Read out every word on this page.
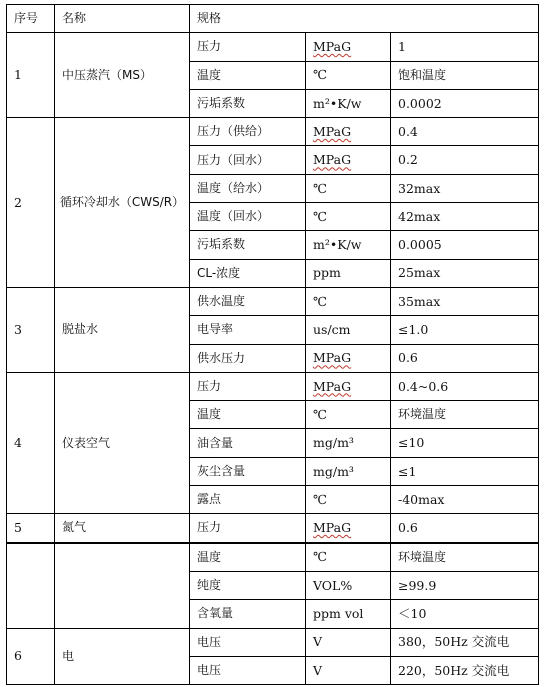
序号	名称	规格		
1	中压蒸汽（MS）	压力	MPaG	1
		温度	℃	饱和温度
		污垢系数	m²•K/w	0.0002
2	循环冷却水（CWS/R）	压力（供给）	MPaG	0.4
		压力（回水）	MPaG	0.2
		温度（给水）	℃	32max
		温度（回水）	℃	42max
		污垢系数	m²•K/w	0.0005
		CL-浓度	ppm	25max
3	脱盐水	供水温度	℃	35max
		电导率	us/cm	≤1.0
		供水压力	MPaG	0.6
4	仪表空气	压力	MPaG	0.4~0.6
		温度	℃	环境温度
		油含量	mg/m³	≤10
		灰尘含量	mg/m³	≤1
		露点	℃	-40max
5	氮气	压力	MPaG	0.6
		温度	℃	环境温度
		纯度	VOL%	≥99.9
		含氧量	ppm vol	＜10
6	电	电压	V	380，50Hz 交流电
		电压	V	220，50Hz 交流电
